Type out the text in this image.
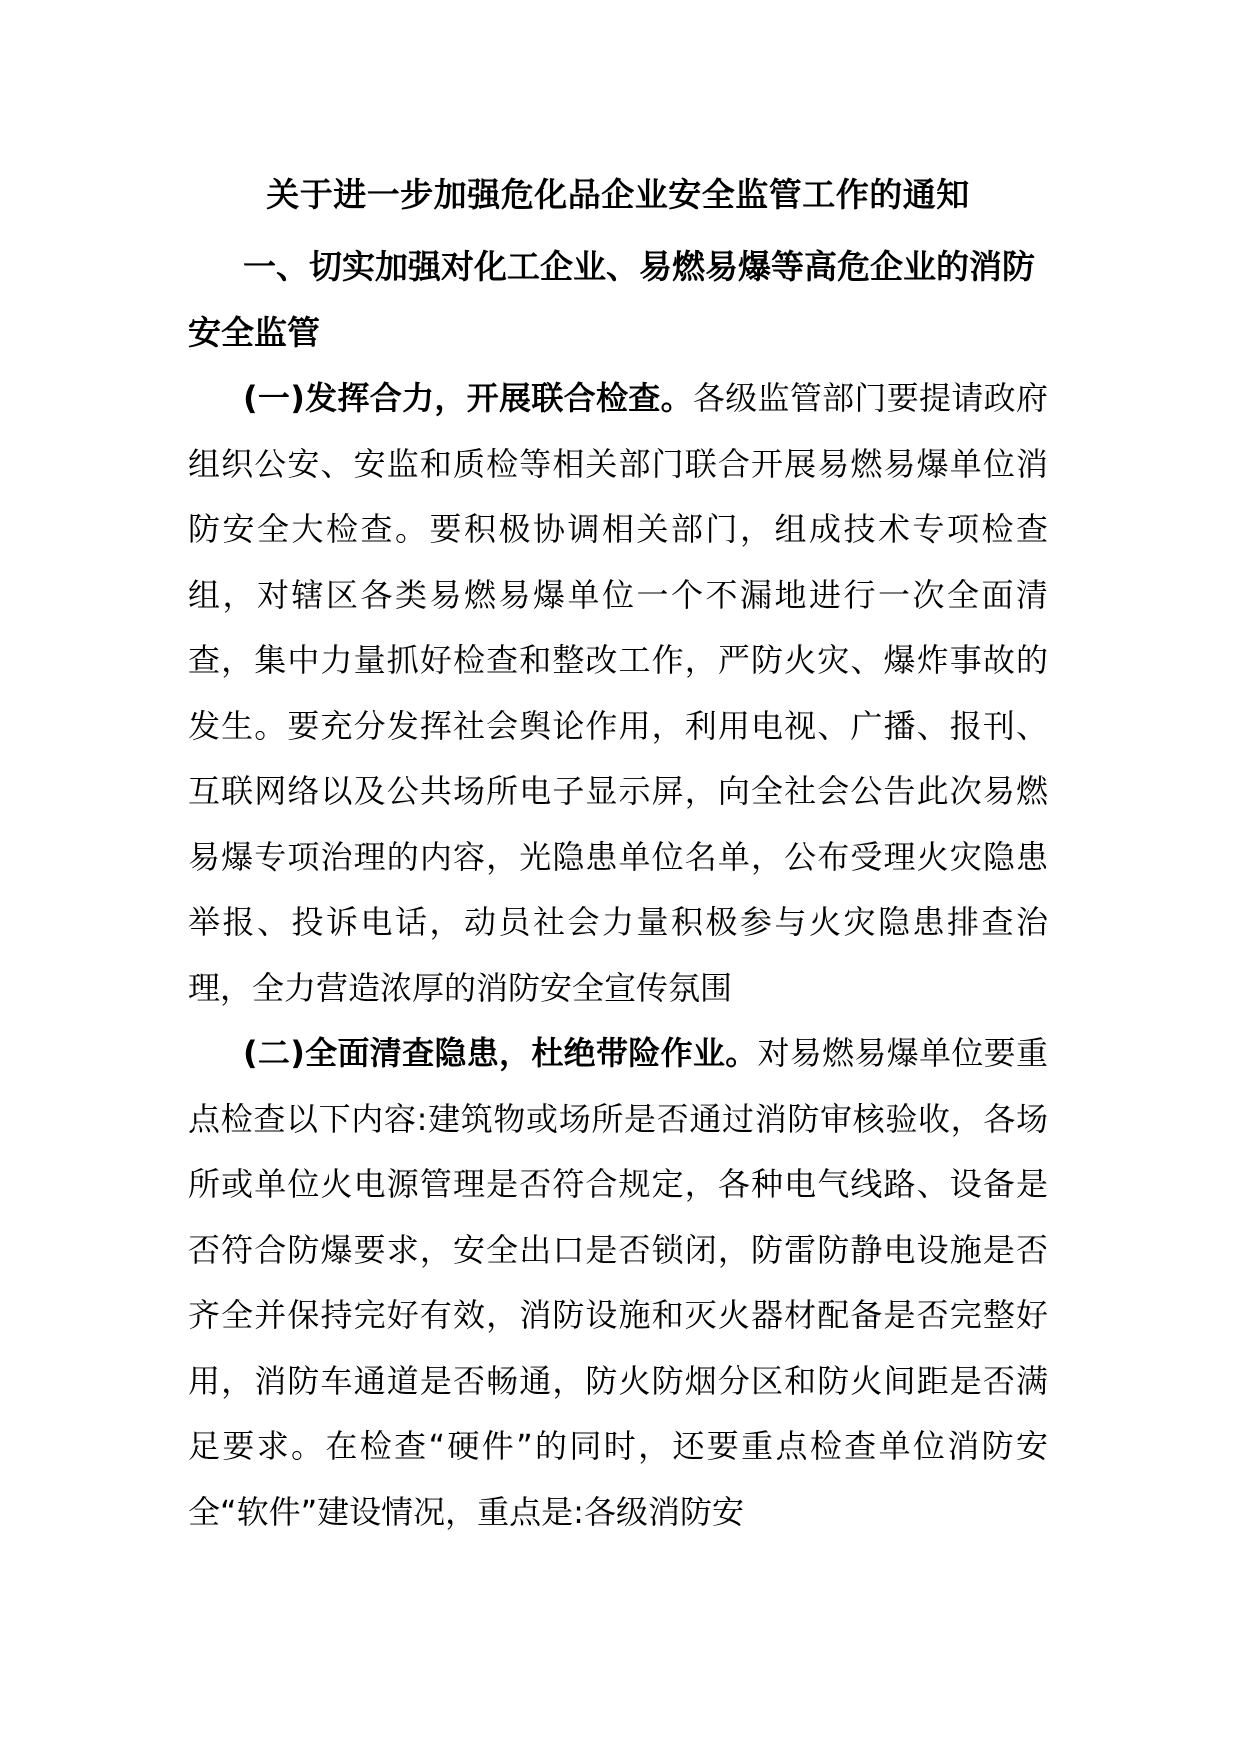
关于进一步加强危化品企业安全监管工作的通知
一、切实加强对化工企业、易燃易爆等高危企业的消防安全监管

(一)发挥合力，开展联合检查。各级监管部门要提请政府组织公安、安监和质检等相关部门联合开展易燃易爆单位消防安全大检查。要积极协调相关部门，组成技术专项检查组，对辖区各类易燃易爆单位一个不漏地进行一次全面清查，集中力量抓好检查和整改工作，严防火灾、爆炸事故的发生。要充分发挥社会舆论作用，利用电视、广播、报刊、互联网络以及公共场所电子显示屏，向全社会公告此次易燃易爆专项治理的内容，光隐患单位名单，公布受理火灾隐患举报、投诉电话，动员社会力量积极参与火灾隐患排查治理，全力营造浓厚的消防安全宣传氛围

(二)全面清查隐患，杜绝带险作业。对易燃易爆单位要重点检查以下内容:建筑物或场所是否通过消防审核验收，各场所或单位火电源管理是否符合规定，各种电气线路、设备是否符合防爆要求，安全出口是否锁闭，防雷防静电设施是否齐全并保持完好有效，消防设施和灭火器材配备是否完整好用，消防车通道是否畅通，防火防烟分区和防火间距是否满足要求。在检查“硬件”的同时，还要重点检查单位消防安全“软件”建设情况，重点是:各级消防安
